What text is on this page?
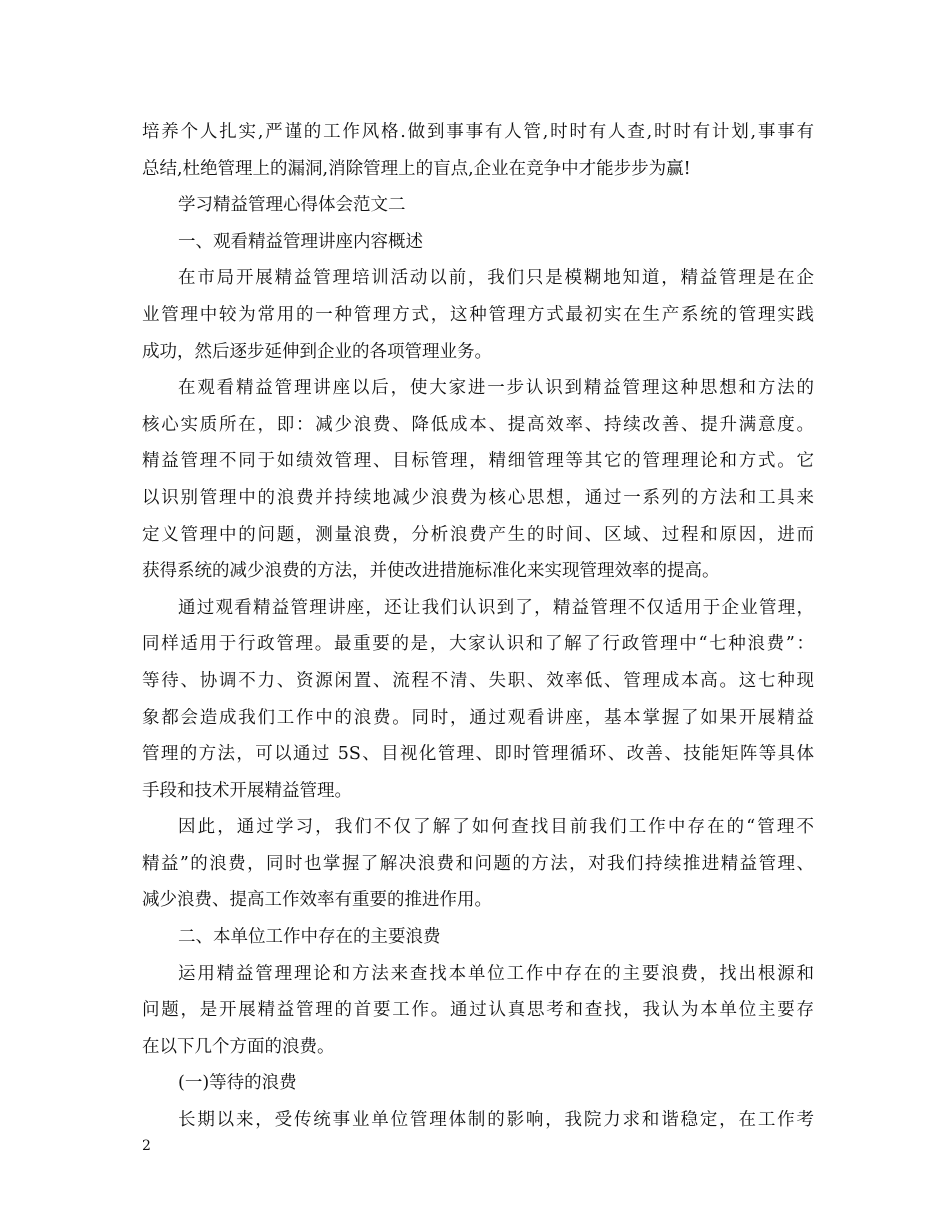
培养个人扎实,严谨的工作风格.做到事事有人管,时时有人查,时时有计划,事事有
总结,杜绝管理上的漏洞,消除管理上的盲点,企业在竞争中才能步步为赢!
学习精益管理心得体会范文二
一、观看精益管理讲座内容概述
在市局开展精益管理培训活动以前，我们只是模糊地知道，精益管理是在企
业管理中较为常用的一种管理方式，这种管理方式最初实在生产系统的管理实践
成功，然后逐步延伸到企业的各项管理业务。
在观看精益管理讲座以后，使大家进一步认识到精益管理这种思想和方法的
核心实质所在，即：减少浪费、降低成本、提高效率、持续改善、提升满意度。
精益管理不同于如绩效管理、目标管理，精细管理等其它的管理理论和方式。它
以识别管理中的浪费并持续地减少浪费为核心思想，通过一系列的方法和工具来
定义管理中的问题，测量浪费，分析浪费产生的时间、区域、过程和原因，进而
获得系统的减少浪费的方法，并使改进措施标准化来实现管理效率的提高。
通过观看精益管理讲座，还让我们认识到了，精益管理不仅适用于企业管理，
同样适用于行政管理。最重要的是，大家认识和了解了行政管理中“七种浪费”：
等待、协调不力、资源闲置、流程不清、失职、效率低、管理成本高。这七种现
象都会造成我们工作中的浪费。同时，通过观看讲座，基本掌握了如果开展精益
管理的方法，可以通过 5S、目视化管理、即时管理循环、改善、技能矩阵等具体
手段和技术开展精益管理。
因此，通过学习，我们不仅了解了如何查找目前我们工作中存在的“管理不
精益”的浪费，同时也掌握了解决浪费和问题的方法，对我们持续推进精益管理、
减少浪费、提高工作效率有重要的推进作用。
二、本单位工作中存在的主要浪费
运用精益管理理论和方法来查找本单位工作中存在的主要浪费，找出根源和
问题，是开展精益管理的首要工作。通过认真思考和查找，我认为本单位主要存
在以下几个方面的浪费。
(一)等待的浪费
长期以来，受传统事业单位管理体制的影响，我院力求和谐稳定，在工作考
2
